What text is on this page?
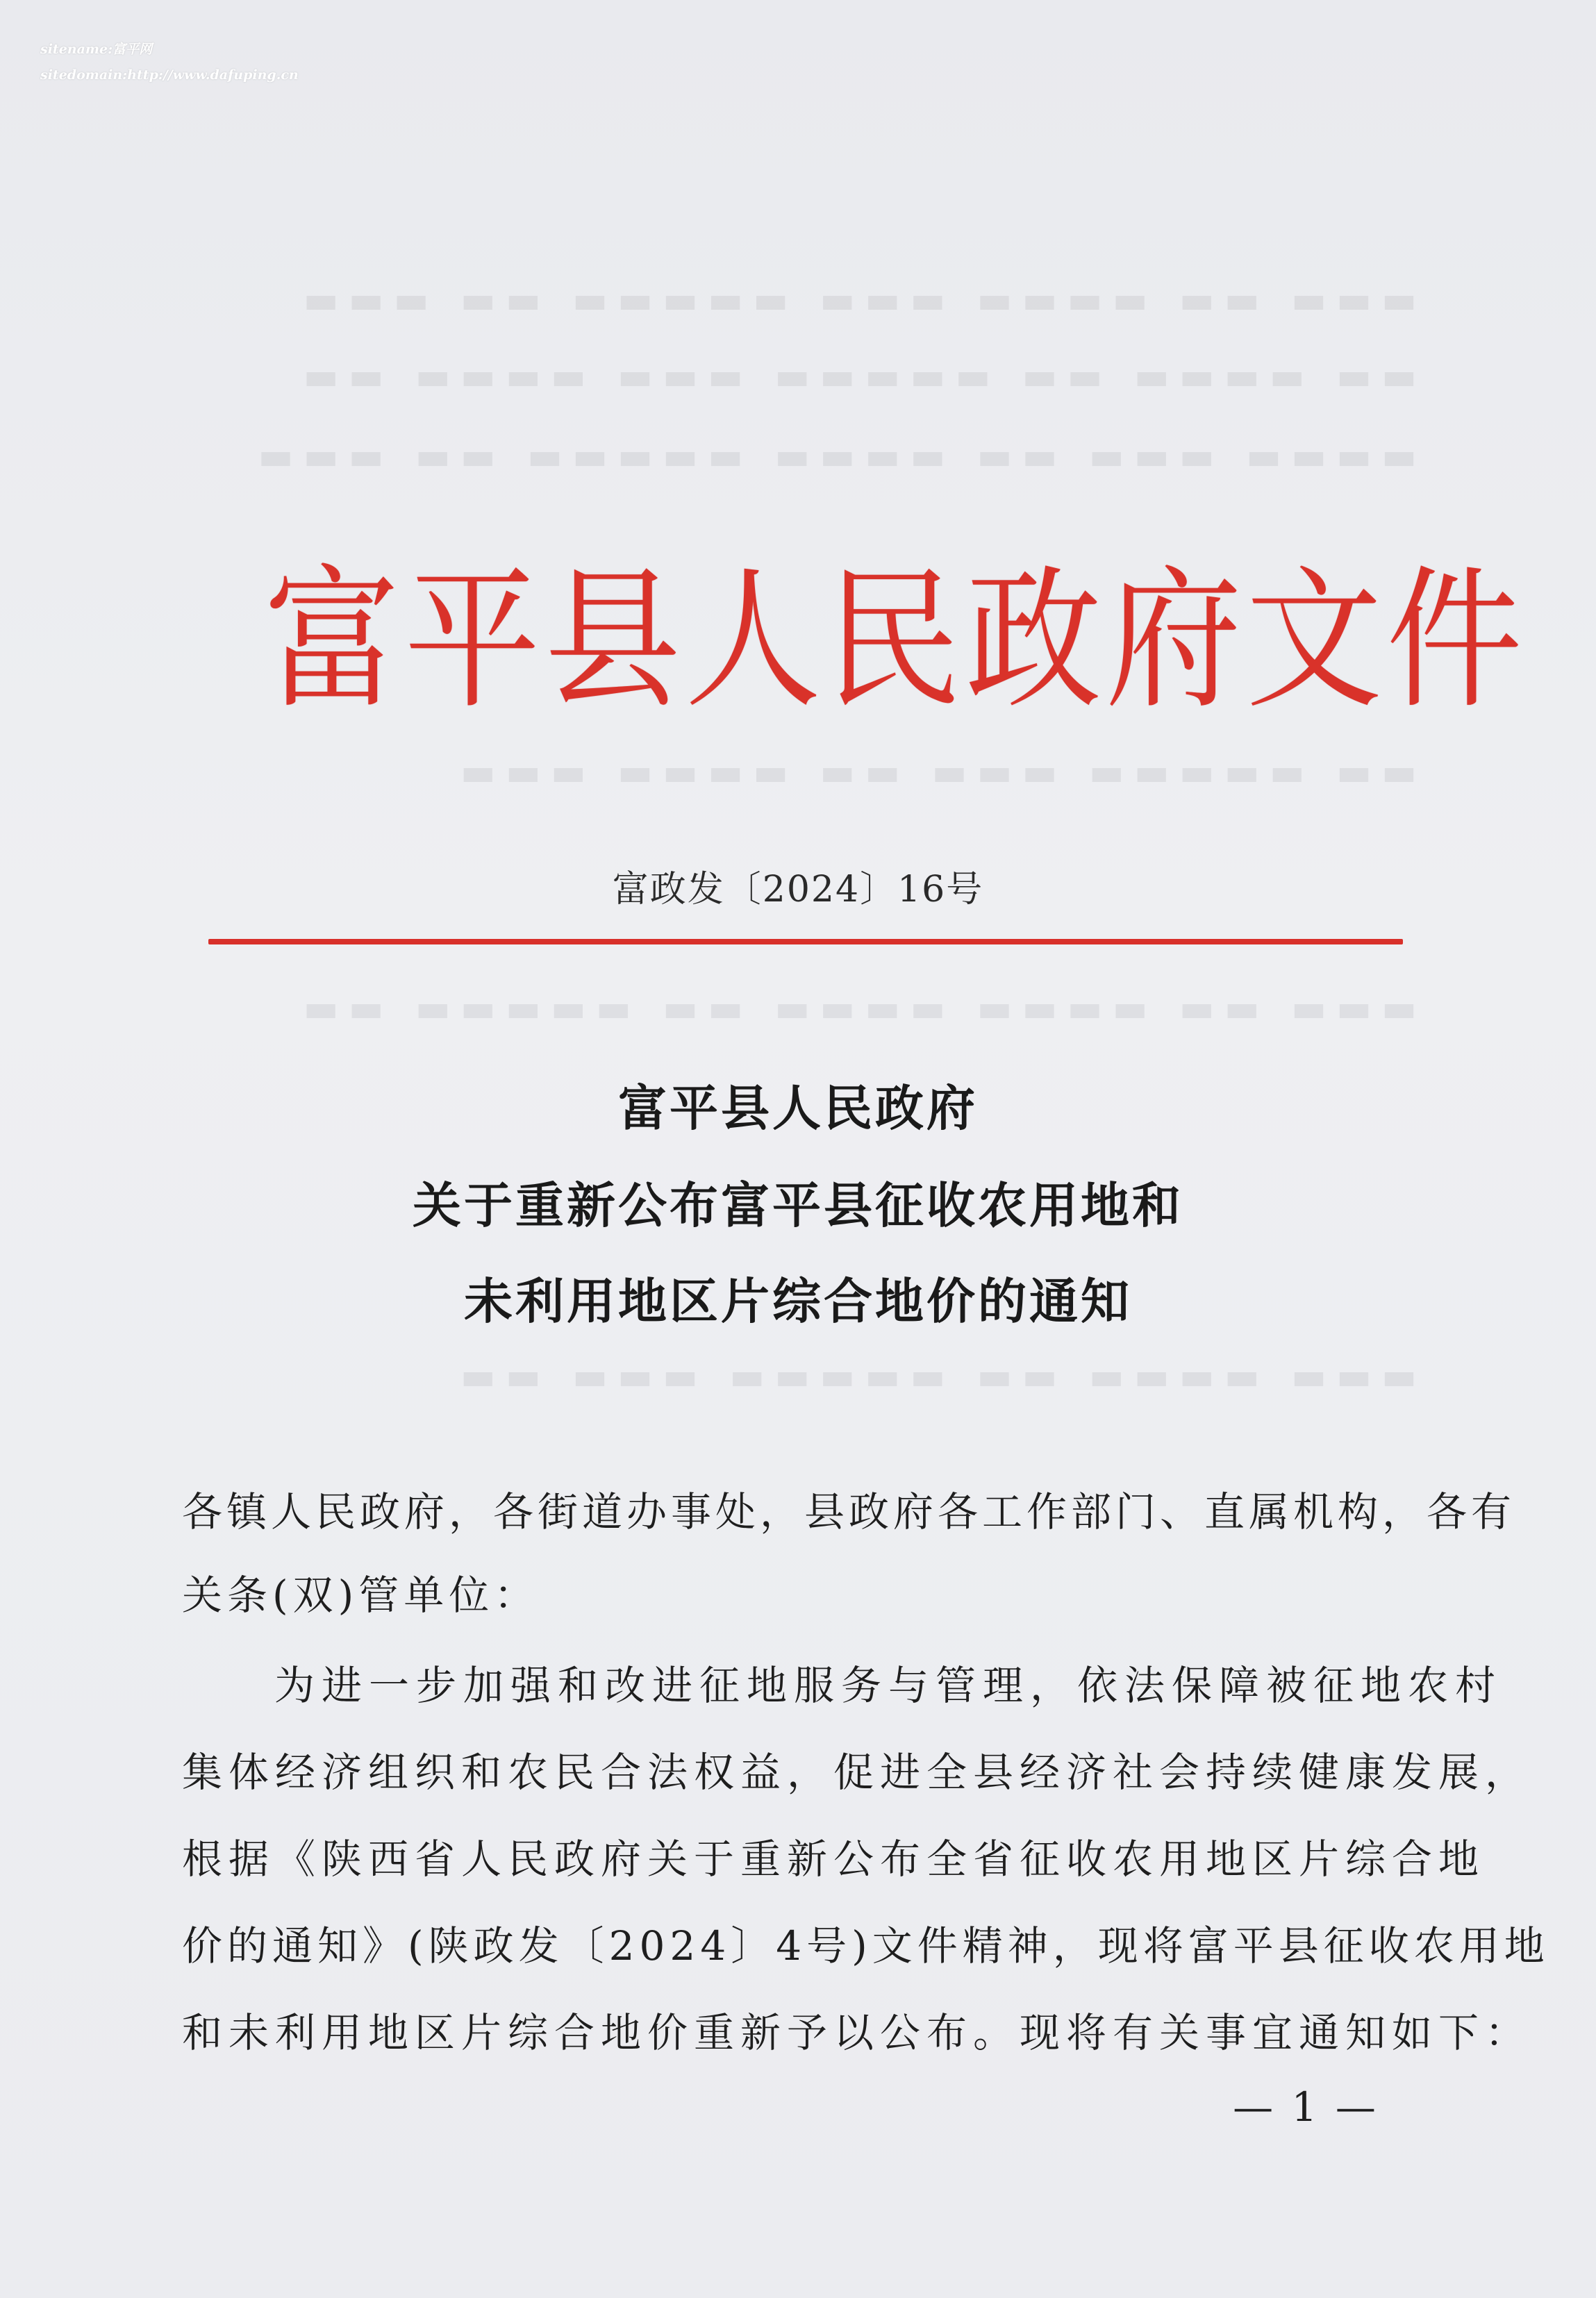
▬▬▬ ▬▬ ▬▬▬▬ ▬▬▬ ▬▬▬▬▬ ▬▬ ▬▬▬
▬▬ ▬▬▬▬ ▬▬ ▬▬▬▬▬ ▬▬▬ ▬▬▬▬ ▬▬
▬▬▬▬ ▬▬▬ ▬▬ ▬▬▬▬ ▬▬▬▬▬ ▬▬ ▬▬▬
▬▬ ▬▬▬▬▬ ▬▬▬ ▬▬ ▬▬▬▬ ▬▬▬
▬▬▬ ▬▬ ▬▬▬▬ ▬▬▬▬ ▬▬ ▬▬▬▬▬ ▬▬
▬▬▬ ▬▬▬▬ ▬▬ ▬▬▬▬▬ ▬▬▬ ▬▬
sitename:富平网
sitedomain:http://www.dafuping.cn
富平县人民政府文件
富政发〔2024〕16号
富平县人民政府
关于重新公布富平县征收农用地和
未利用地区片综合地价的通知

各镇人民政府，各街道办事处，县政府各工作部门、直属机构，各有

关条(双)管单位：

为进一步加强和改进征地服务与管理，依法保障被征地农村

集体经济组织和农民合法权益，促进全县经济社会持续健康发展，

根据《陕西省人民政府关于重新公布全省征收农用地区片综合地

价的通知》(陕政发〔2024〕4号)文件精神，现将富平县征收农用地

和未利用地区片综合地价重新予以公布。现将有关事宜通知如下：

— 1 —
